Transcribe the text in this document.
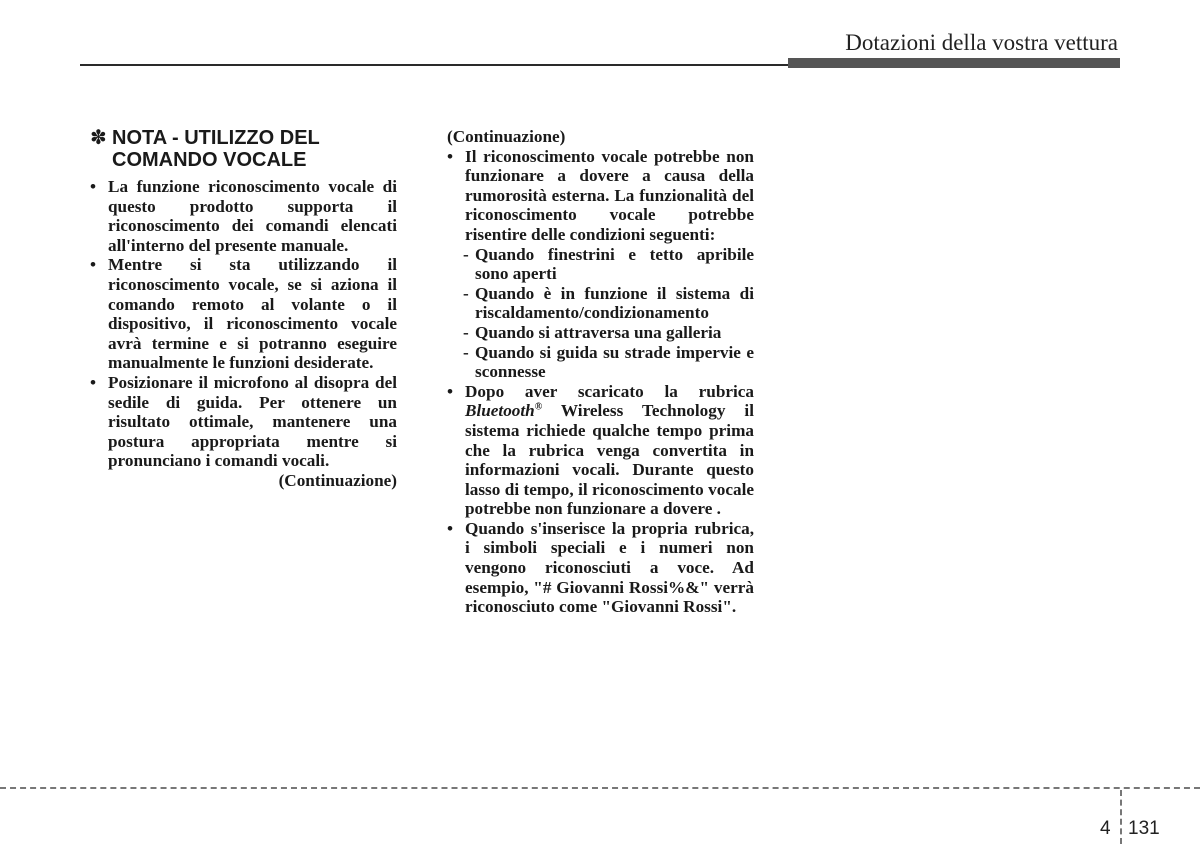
Dotazioni della vostra vettura
✽ NOTA - UTILIZZO DEL
COMANDO VOCALE
• La funzione riconoscimento vocale di questo prodotto supporta il riconoscimento dei comandi elencati all'interno del presente manuale.
• Mentre si sta utilizzando il riconoscimento vocale, se si aziona il comando remoto al volante o il dispositivo, il riconoscimento vocale avrà termine e si potranno eseguire manualmente le funzioni desiderate.
• Posizionare il microfono al disopra del sedile di guida. Per ottenere un risultato ottimale, mantenere una postura appropriata mentre si pronunciano i comandi vocali.
(Continuazione)
(Continuazione)
• Il riconoscimento vocale potrebbe non funzionare a dovere a causa della rumorosità esterna. La funzionalità del riconoscimento vocale potrebbe risentire delle condizioni seguenti:
- Quando finestrini e tetto apribile sono aperti
- Quando è in funzione il sistema di riscaldamento/condizionamento
- Quando si attraversa una galleria
- Quando si guida su strade impervie e sconnesse
• Dopo aver scaricato la rubrica Bluetooth® Wireless Technology il sistema richiede qualche tempo prima che la rubrica venga convertita in informazioni vocali. Durante questo lasso di tempo, il riconoscimento vocale potrebbe non funzionare a dovere .
• Quando s'inserisce la propria rubrica, i simboli speciali e i numeri non vengono riconosciuti a voce. Ad esempio, "# Giovanni Rossi%&" verrà riconosciuto come "Giovanni Rossi".
4 131
